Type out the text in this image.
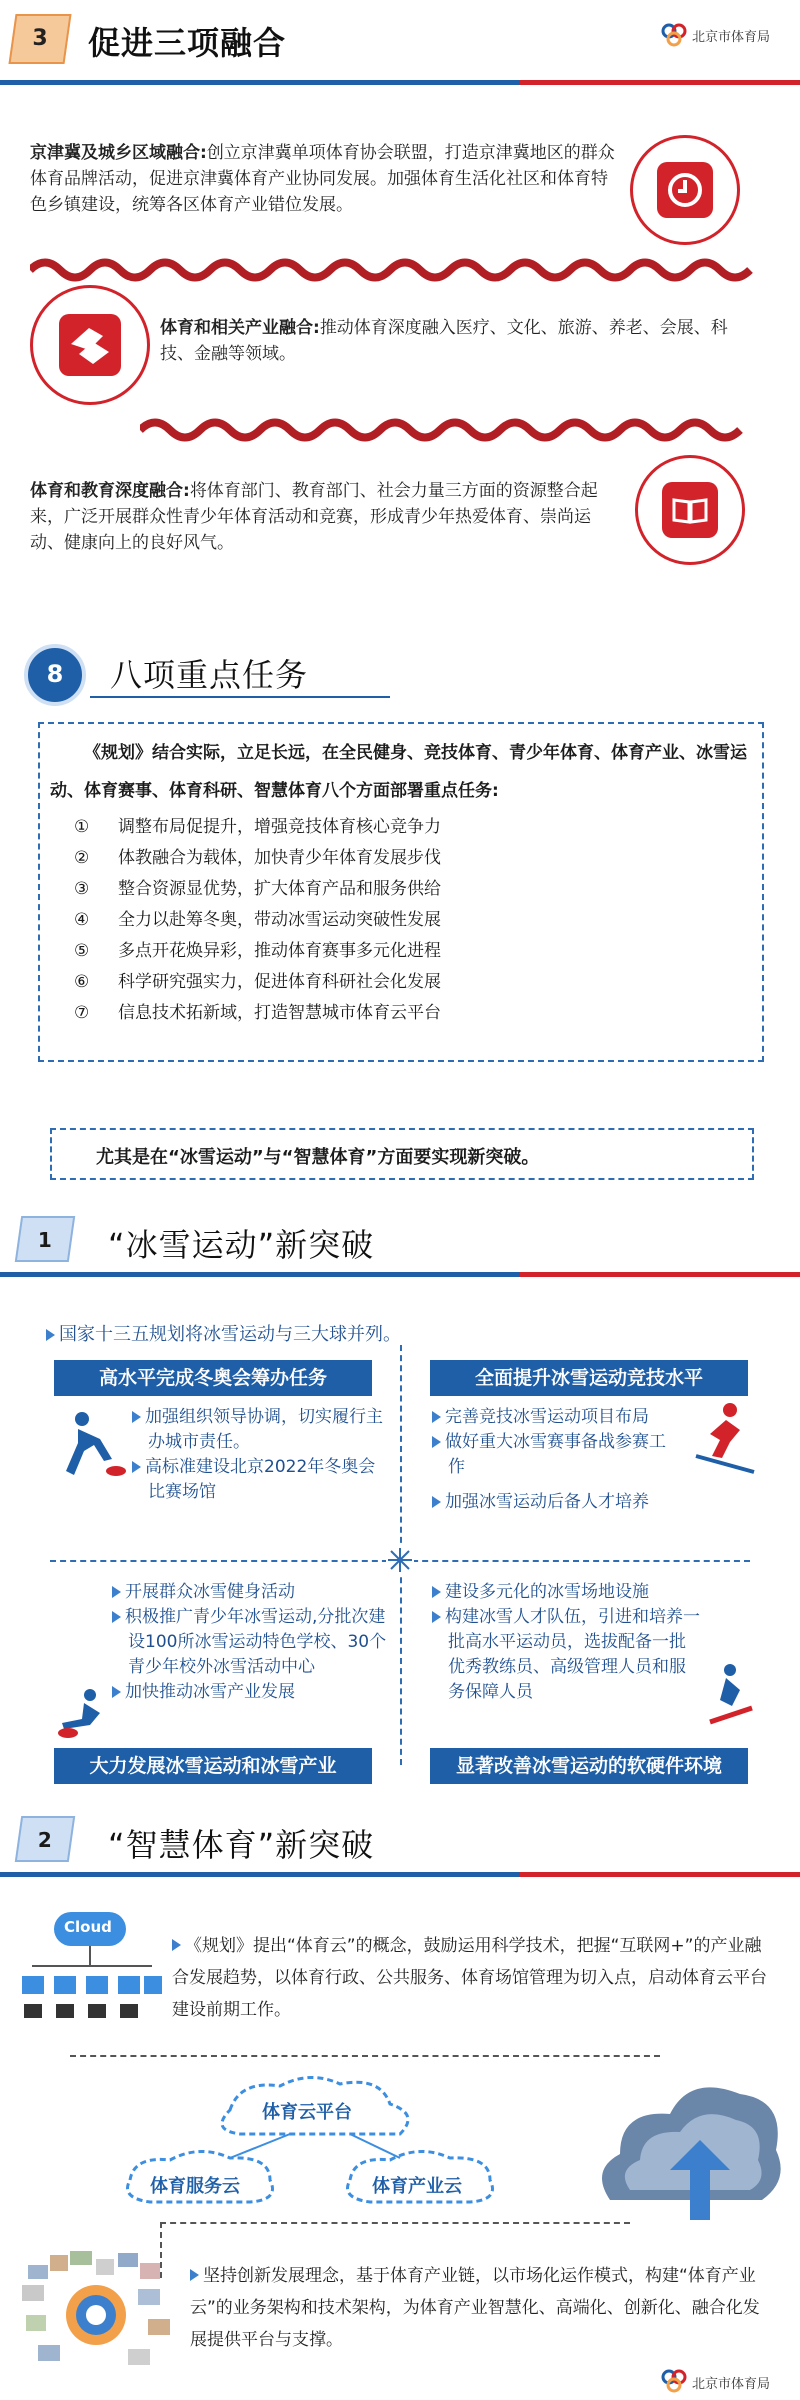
3	促进三项融合	北京市体育局
京津冀及城乡区域融合:创立京津冀单项体育协会联盟，打造京津冀地区的群众体育品牌活动，促进京津冀体育产业协同发展。加强体育生活化社区和体育特色乡镇建设，统筹各区体育产业错位发展。
体育和相关产业融合:推动体育深度融入医疗、文化、旅游、养老、会展、科技、金融等领域。
体育和教育深度融合:将体育部门、教育部门、社会力量三方面的资源整合起来，广泛开展群众性青少年体育活动和竞赛，形成青少年热爱体育、崇尚运动、健康向上的良好风气。
8	八项重点任务
《规划》结合实际，立足长远，在全民健身、竞技体育、青少年体育、体育产业、冰雪运动、体育赛事、体育科研、智慧体育八个方面部署重点任务:
① 调整布局促提升，增强竞技体育核心竞争力
② 体教融合为载体，加快青少年体育发展步伐
③ 整合资源显优势，扩大体育产品和服务供给
④ 全力以赴筹冬奥，带动冰雪运动突破性发展
⑤ 多点开花焕异彩，推动体育赛事多元化进程
⑥ 科学研究强实力，促进体育科研社会化发展
⑦ 信息技术拓新域，打造智慧城市体育云平台
尤其是在“冰雪运动”与“智慧体育”方面要实现新突破。
1	“冰雪运动”新突破
国家十三五规划将冰雪运动与三大球并列。
高水平完成冬奥会筹办任务
加强组织领导协调，切实履行主办城市责任。
高标准建设北京2022年冬奥会比赛场馆
全面提升冰雪运动竞技水平
完善竞技冰雪运动项目布局
做好重大冰雪赛事备战参赛工作
加强冰雪运动后备人才培养
开展群众冰雪健身活动
积极推广青少年冰雪运动,分批次建设100所冰雪运动特色学校、30个青少年校外冰雪活动中心
加快推动冰雪产业发展
大力发展冰雪运动和冰雪产业
建设多元化的冰雪场地设施
构建冰雪人才队伍，引进和培养一批高水平运动员，选拔配备一批优秀教练员、高级管理人员和服务保障人员
显著改善冰雪运动的软硬件环境
2	“智慧体育”新突破
Cloud
《规划》提出“体育云”的概念，鼓励运用科学技术，把握“互联网+”的产业融合发展趋势，以体育行政、公共服务、体育场馆管理为切入点，启动体育云平台建设前期工作。
体育云平台
体育服务云	体育产业云
坚持创新发展理念，基于体育产业链，以市场化运作模式，构建“体育产业云”的业务架构和技术架构，为体育产业智慧化、高端化、创新化、融合化发展提供平台与支撑。
北京市体育局
